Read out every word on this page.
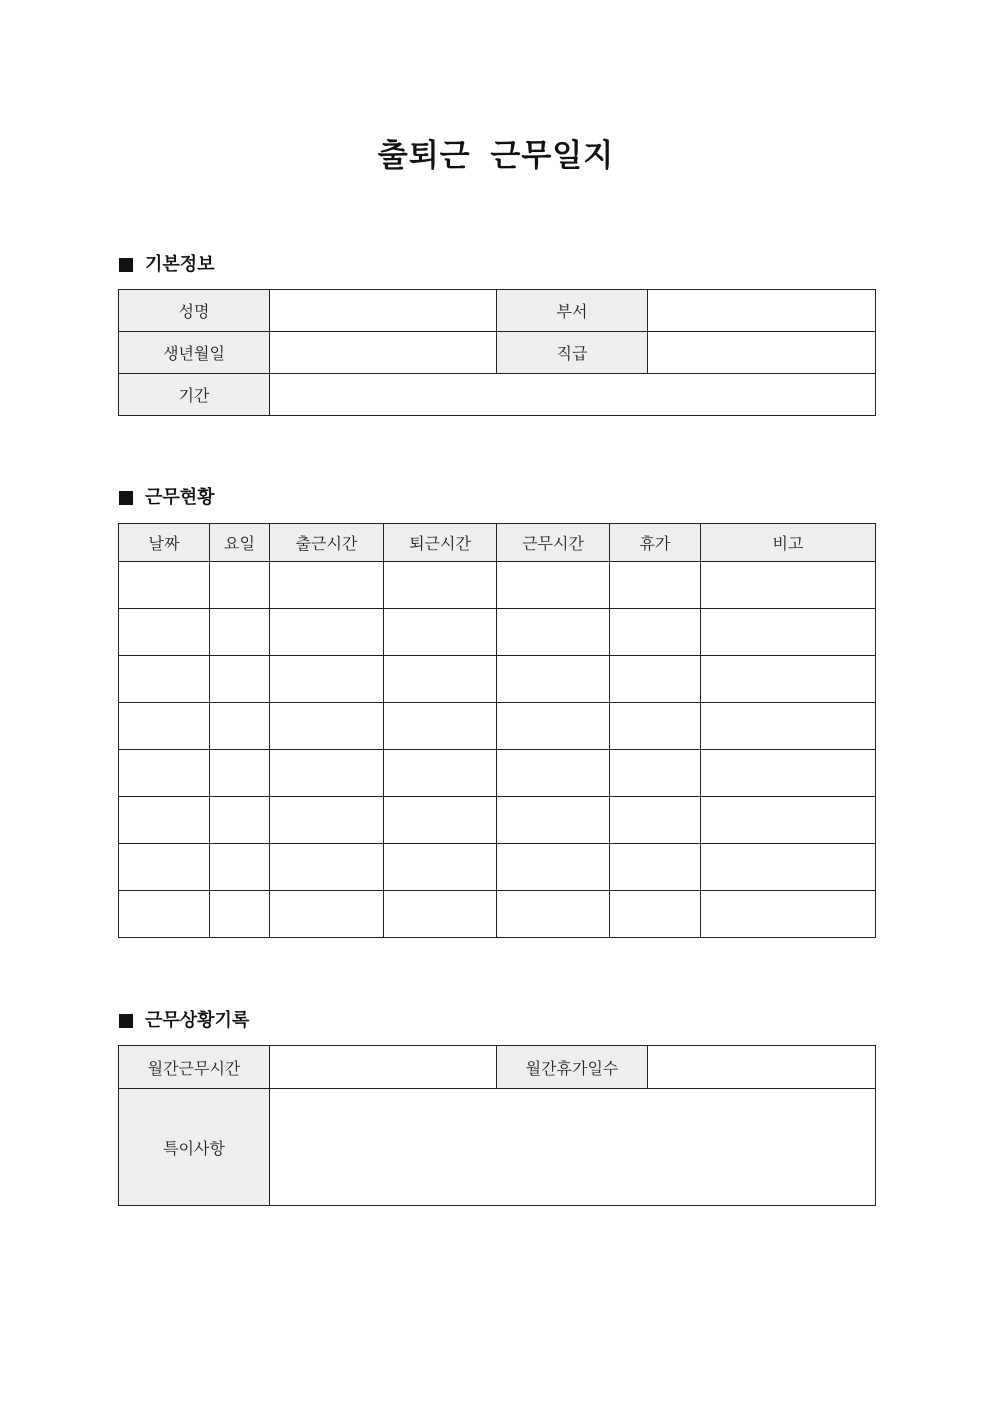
출퇴근 근무일지
기본정보
성명		부서	
생년월일		직급	
기간			
근무현황
날짜	요일	출근시간	퇴근시간	근무시간	휴가	비고

근무상황기록
월간근무시간		월간휴가일수	
특이사항			
